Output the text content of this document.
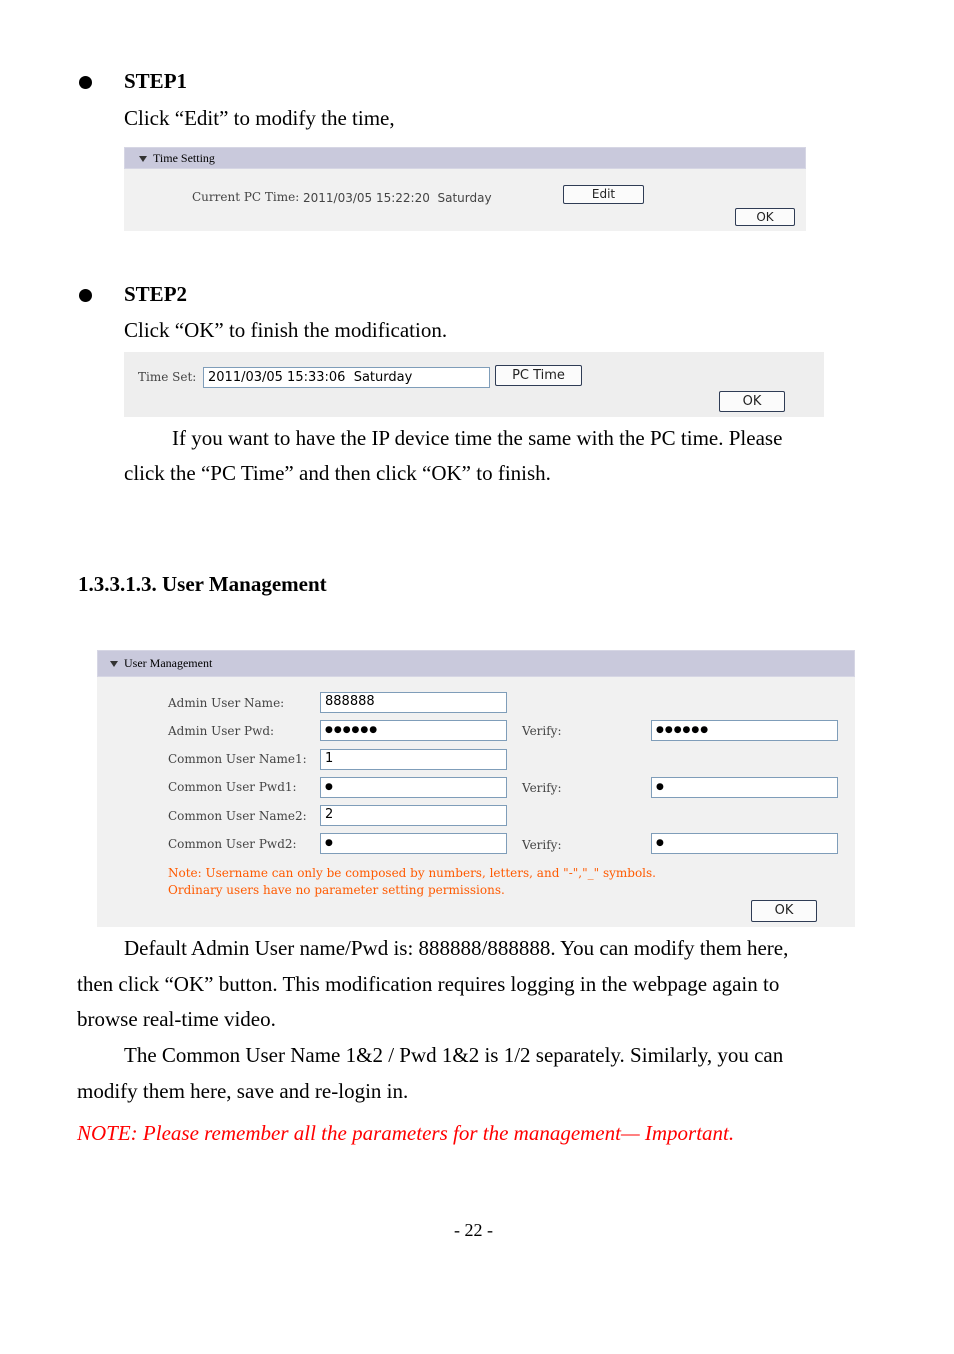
STEP1
Click “Edit” to modify the time,
Time Setting
Current PC Time: 2011/03/05 15:22:20  Saturday	Edit
OK
STEP2
Click “OK” to finish the modification.
Time Set: 2011/03/05 15:33:06  Saturday	PC Time
OK
If you want to have the IP device time the same with the PC time. Please
click the “PC Time” and then click “OK” to finish.
1.3.3.1.3. User Management
User Management
Admin User Name:	888888
Admin User Pwd:	●●●●●●	Verify:	●●●●●●
Common User Name1:	1
Common User Pwd1:	●	Verify:	●
Common User Name2:	2
Common User Pwd2:	●	Verify:	●
Note: Username can only be composed by numbers, letters, and "-","_" symbols.
Ordinary users have no parameter setting permissions.
OK
Default Admin User name/Pwd is: 888888/888888. You can modify them here,
then click “OK” button. This modification requires logging in the webpage again to
browse real-time video.
The Common User Name 1&2 / Pwd 1&2 is 1/2 separately. Similarly, you can
modify them here, save and re-login in.
NOTE: Please remember all the parameters for the management— Important.
- 22 -
